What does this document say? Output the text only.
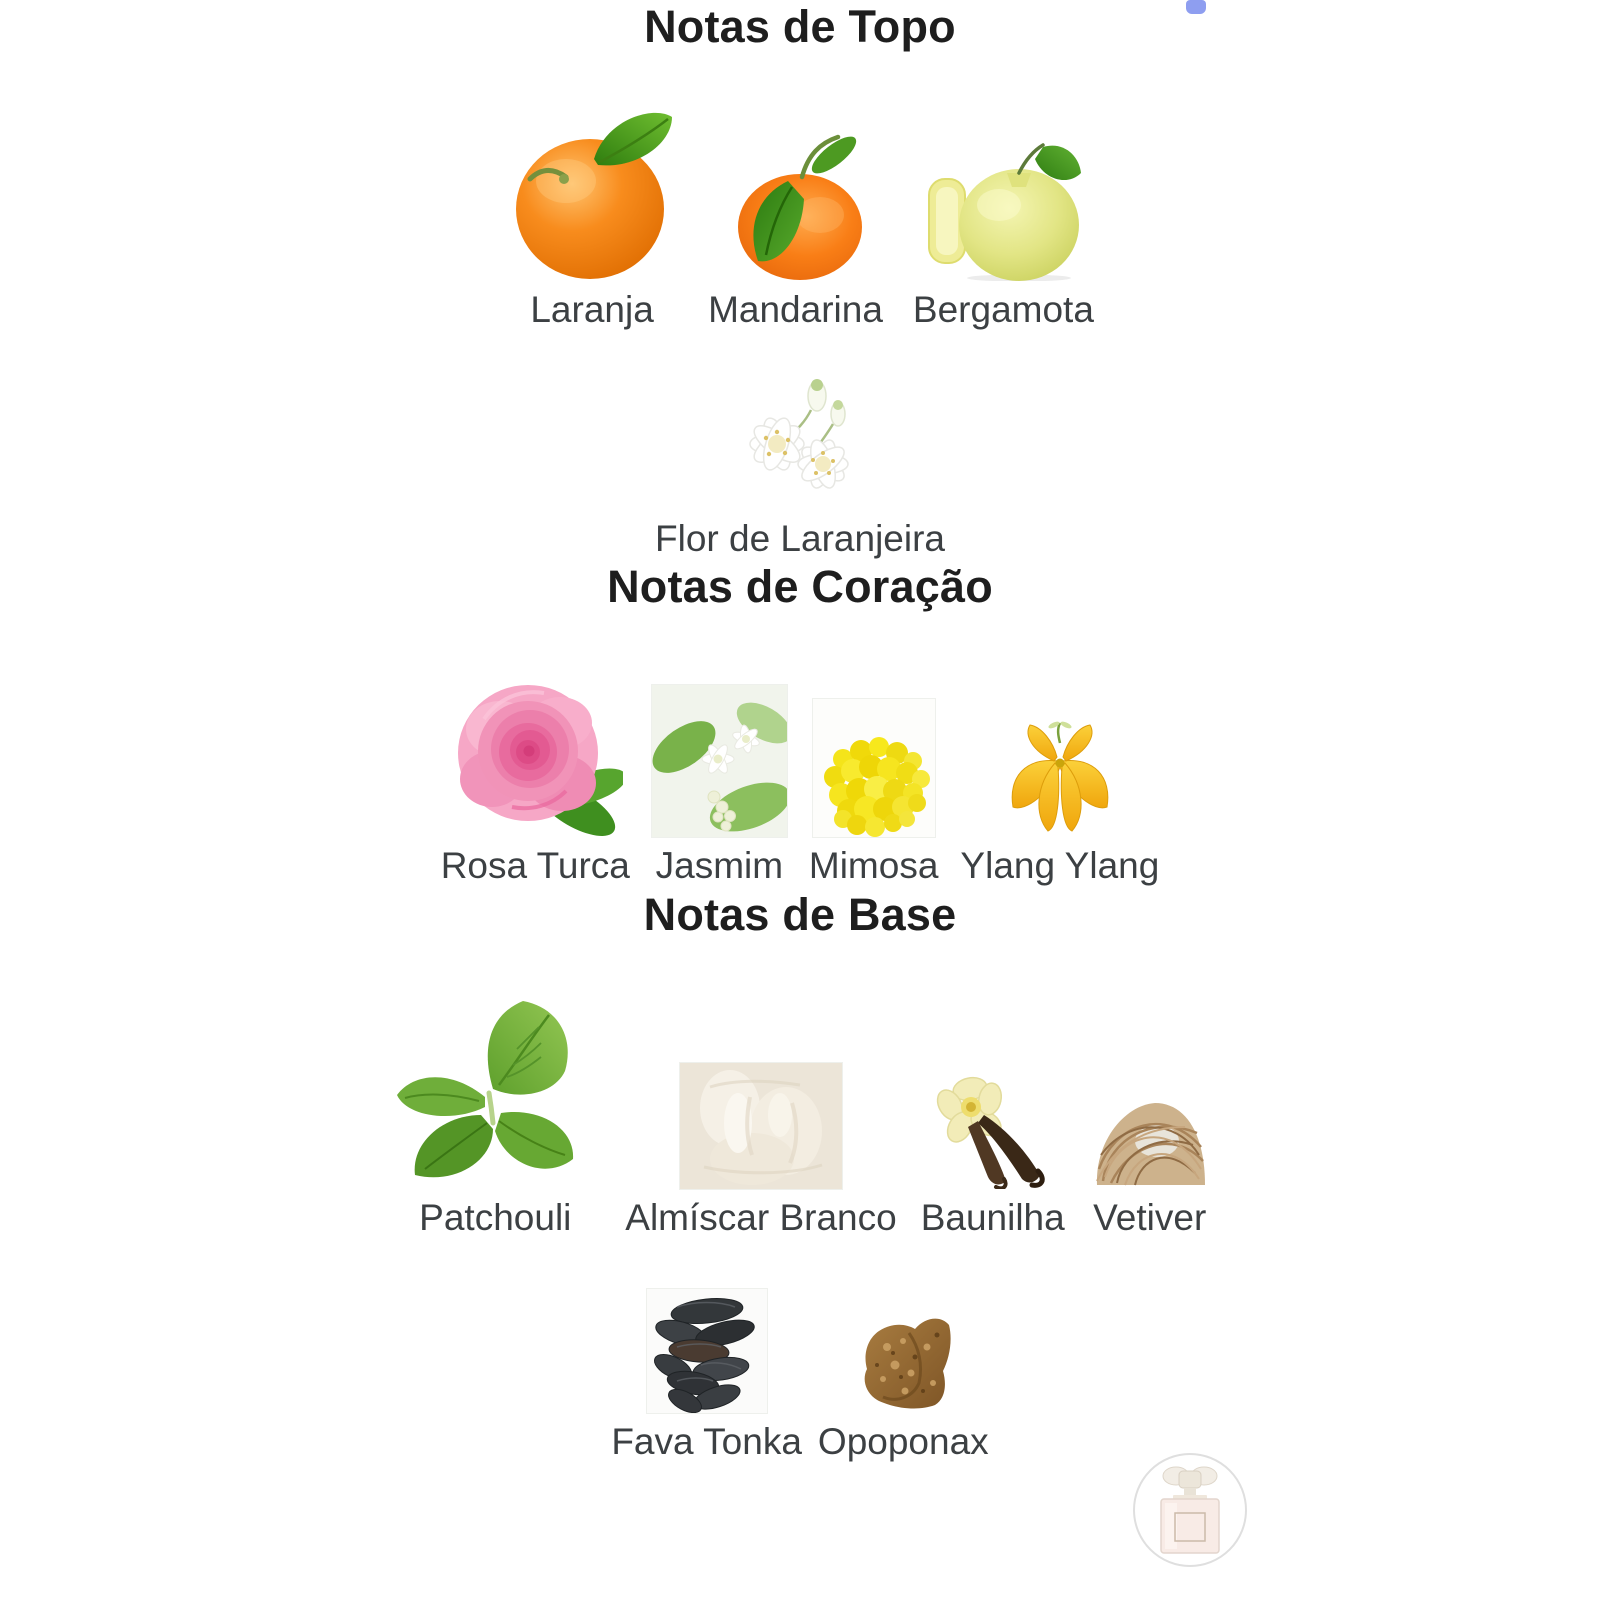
Notas de Topo
Laranja Mandarina Bergamota
Flor de Laranjeira
Notas de Coração
Rosa Turca Jasmim Mimosa Ylang Ylang
Notas de Base
Patchouli Almíscar Branco Baunilha Vetiver
Fava Tonka Opoponax
